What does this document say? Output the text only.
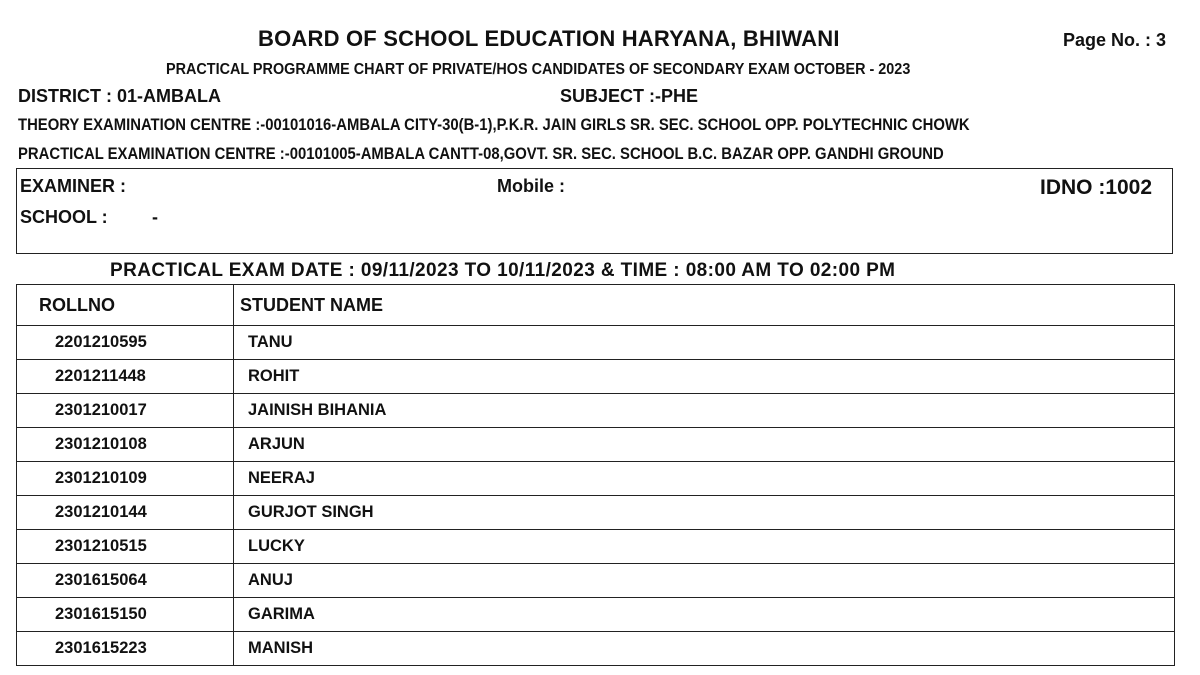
BOARD OF SCHOOL EDUCATION HARYANA, BHIWANI	Page No. : 3
PRACTICAL PROGRAMME CHART OF PRIVATE/HOS CANDIDATES OF SECONDARY EXAM OCTOBER - 2023
DISTRICT : 01-AMBALA	SUBJECT :-PHE
THEORY EXAMINATION CENTRE :-00101016-AMBALA CITY-30(B-1),P.K.R. JAIN GIRLS SR. SEC. SCHOOL OPP. POLYTECHNIC CHOWK
PRACTICAL EXAMINATION CENTRE :-00101005-AMBALA CANTT-08,GOVT. SR. SEC. SCHOOL B.C. BAZAR OPP. GANDHI GROUND
EXAMINER :	Mobile :	IDNO :1002
SCHOOL : -
PRACTICAL EXAM DATE : 09/11/2023 TO 10/11/2023 & TIME : 08:00 AM TO 02:00 PM
ROLLNO	STUDENT NAME
2201210595	TANU
2201211448	ROHIT
2301210017	JAINISH BIHANIA
2301210108	ARJUN
2301210109	NEERAJ
2301210144	GURJOT SINGH
2301210515	LUCKY
2301615064	ANUJ
2301615150	GARIMA
2301615223	MANISH
